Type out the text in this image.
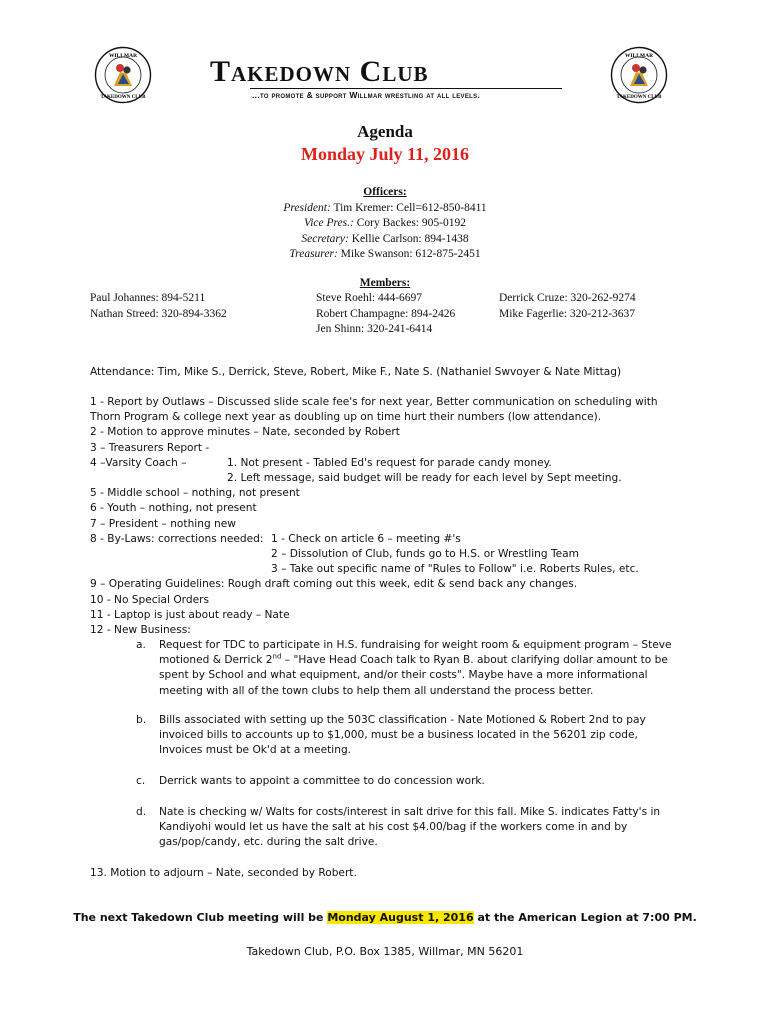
WILLMAR
TAKEDOWN CLUB
WILLMAR
TAKEDOWN CLUB
Takedown Club
...to promote & support Willmar wrestling at all levels.
Agenda
Monday July 11, 2016
Officers:
President: Tim Kremer: Cell=612-850-8411
Vice Pres.: Cory Backes: 905-0192
Secretary: Kellie Carlson: 894-1438
Treasurer: Mike Swanson: 612-875-2451
Members:
Paul Johannes: 894-5211
Nathan Streed: 320-894-3362
Steve Roehl: 444-6697
Robert Champagne: 894-2426
Jen Shinn: 320-241-6414
Derrick Cruze: 320-262-9274
Mike Fagerlie: 320-212-3637
Attendance: Tim, Mike S., Derrick, Steve, Robert, Mike F., Nate S. (Nathaniel Swvoyer & Nate Mittag)
1 - Report by Outlaws – Discussed slide scale fee's for next year, Better communication on scheduling with
Thorn Program & college next year as doubling up on time hurt their numbers (low attendance).
2 - Motion to approve minutes – Nate, seconded by Robert
3 – Treasurers Report -
4 –Varsity Coach –	1. Not present - Tabled Ed's request for parade candy money.
2. Left message, said budget will be ready for each level by Sept meeting.
5 - Middle school – nothing, not present
6 - Youth – nothing, not present
7 – President – nothing new
8 - By-Laws: corrections needed: 1 - Check on article 6 – meeting #'s
2 – Dissolution of Club, funds go to H.S. or Wrestling Team
3 – Take out specific name of "Rules to Follow" i.e. Roberts Rules, etc.
9 – Operating Guidelines: Rough draft coming out this week, edit & send back any changes.
10 - No Special Orders
11 - Laptop is just about ready – Nate
12 - New Business:
a. Request for TDC to participate in H.S. fundraising for weight room & equipment program – Steve
motioned & Derrick 2nd – "Have Head Coach talk to Ryan B. about clarifying dollar amount to be
spent by School and what equipment, and/or their costs". Maybe have a more informational
meeting with all of the town clubs to help them all understand the process better.
b. Bills associated with setting up the 503C classification - Nate Motioned & Robert 2nd to pay
invoiced bills to accounts up to $1,000, must be a business located in the 56201 zip code,
Invoices must be Ok'd at a meeting.
c. Derrick wants to appoint a committee to do concession work.
d. Nate is checking w/ Walts for costs/interest in salt drive for this fall. Mike S. indicates Fatty's in
Kandiyohi would let us have the salt at his cost $4.00/bag if the workers come in and by
gas/pop/candy, etc. during the salt drive.
13. Motion to adjourn – Nate, seconded by Robert.
The next Takedown Club meeting will be Monday August 1, 2016 at the American Legion at 7:00 PM.
Takedown Club, P.O. Box 1385, Willmar, MN 56201
